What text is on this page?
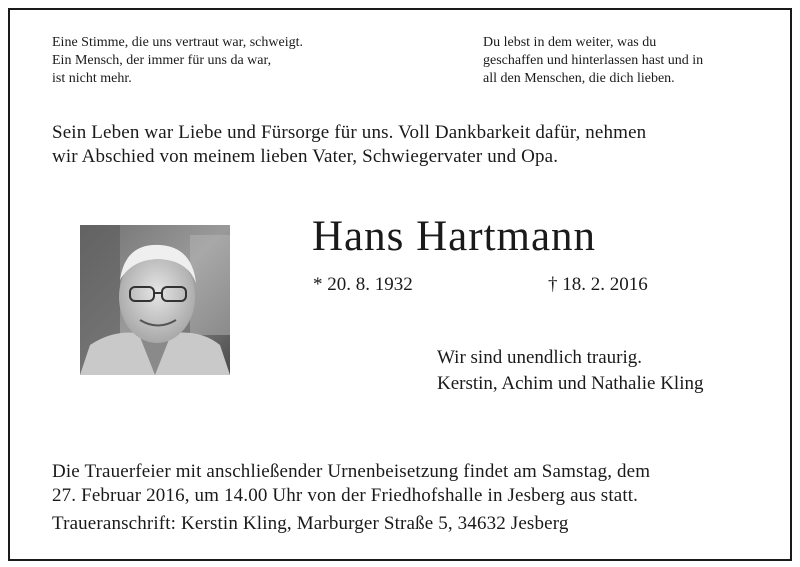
Eine Stimme, die uns vertraut war, schweigt.
Ein Mensch, der immer für uns da war,
ist nicht mehr.
Du lebst in dem weiter, was du
geschaffen und hinterlassen hast und in
all den Menschen, die dich lieben.
Sein Leben war Liebe und Fürsorge für uns. Voll Dankbarkeit dafür, nehmen
wir Abschied von meinem lieben Vater, Schwiegervater und Opa.
Hans Hartmann
* 20. 8. 1932	† 18. 2. 2016
Wir sind unendlich traurig.
Kerstin, Achim und Nathalie Kling
Die Trauerfeier mit anschließender Urnenbeisetzung findet am Samstag, dem
27. Februar 2016, um 14.00 Uhr von der Friedhofshalle in Jesberg aus statt.
Traueranschrift: Kerstin Kling, Marburger Straße 5, 34632 Jesberg
